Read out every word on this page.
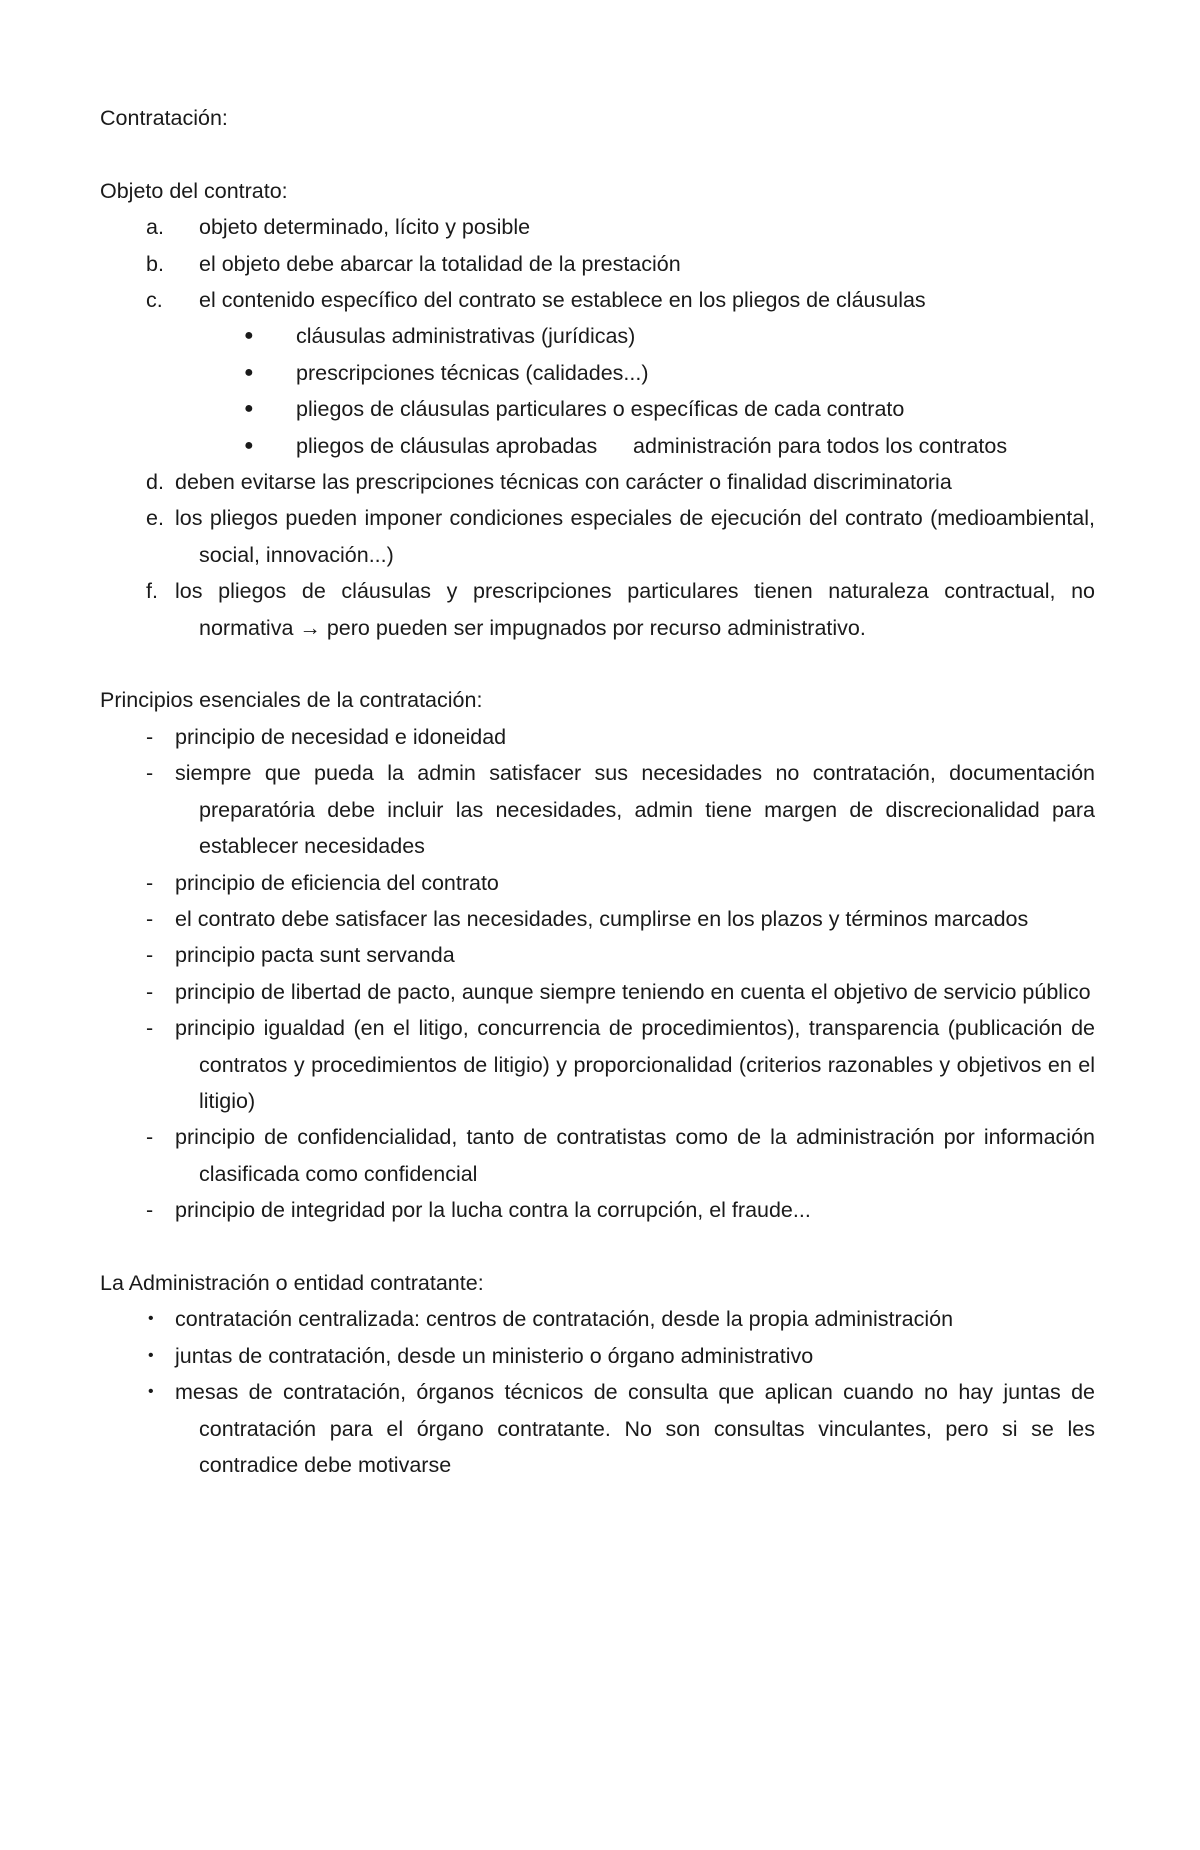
Contratación:

Objeto del contrato:

a. objeto determinado, lícito y posible
b. el objeto debe abarcar la totalidad de la prestación
c. el contenido específico del contrato se establece en los pliegos de cláusulas
● cláusulas administrativas (jurídicas)
● prescripciones técnicas (calidades...)
● pliegos de cláusulas particulares o específicas de cada contrato
● pliegos de cláusulas aprobadas      administración para todos los contratos
d. deben evitarse las prescripciones técnicas con carácter o finalidad discriminatoria
e. los pliegos pueden imponer condiciones especiales de ejecución del contrato (medioambiental, social, innovación...)
f. los pliegos de cláusulas y prescripciones particulares tienen naturaleza contractual, no normativa → pero pueden ser impugnados por recurso administrativo.

Principios esenciales de la contratación:

- principio de necesidad e idoneidad
- siempre que pueda la admin satisfacer sus necesidades no contratación, documentación preparatória debe incluir las necesidades, admin tiene margen de discrecionalidad para establecer necesidades
- principio de eficiencia del contrato
- el contrato debe satisfacer las necesidades, cumplirse en los plazos y términos marcados
- principio pacta sunt servanda
- principio de libertad de pacto, aunque siempre teniendo en cuenta el objetivo de servicio público
- principio igualdad (en el litigo, concurrencia de procedimientos), transparencia (publicación de contratos y procedimientos de litigio) y proporcionalidad (criterios razonables y objetivos en el litigio)
- principio de confidencialidad, tanto de contratistas como de la administración por información clasificada como confidencial
- principio de integridad por la lucha contra la corrupción, el fraude...

La Administración o entidad contratante:

• contratación centralizada: centros de contratación, desde la propia administración
• juntas de contratación, desde un ministerio o órgano administrativo
• mesas de contratación, órganos técnicos de consulta que aplican cuando no hay juntas de contratación para el órgano contratante. No son consultas vinculantes, pero si se les contradice debe motivarse
